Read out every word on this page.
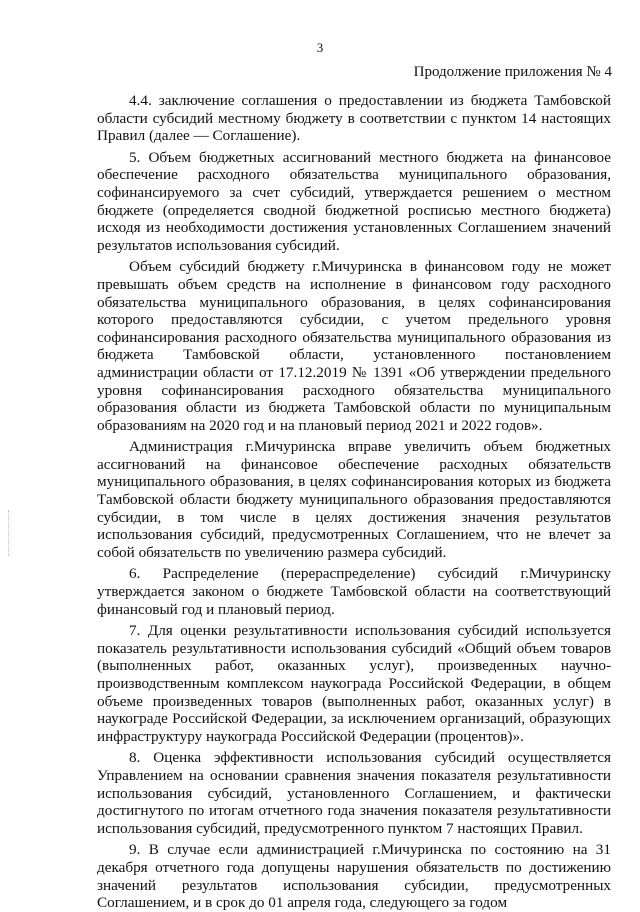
3
Продолжение приложения № 4

4.4. заключение соглашения о предоставлении из бюджета Тамбовской области субсидий местному бюджету в соответствии с пунктом 14 настоящих Правил (далее — Соглашение).

5. Объем бюджетных ассигнований местного бюджета на финансовое обеспечение расходного обязательства муниципального образования, софинансируемого за счет субсидий, утверждается решением о местном бюджете (определяется сводной бюджетной росписью местного бюджета) исходя из необходимости достижения установленных Соглашением значений результатов использования субсидий.

Объем субсидий бюджету г.Мичуринска в финансовом году не может превышать объем средств на исполнение в финансовом году расходного обязательства муниципального образования, в целях софинансирования которого предоставляются субсидии, с учетом предельного уровня софинансирования расходного обязательства муниципального образования из бюджета Тамбовской области, установленного постановлением администрации области от 17.12.2019 № 1391 «Об утверждении предельного уровня софинансирования расходного обязательства муниципального образования области из бюджета Тамбовской области по муниципальным образованиям на 2020 год и на плановый период 2021 и 2022 годов».

Администрация г.Мичуринска вправе увеличить объем бюджетных ассигнований на финансовое обеспечение расходных обязательств муниципального образования, в целях софинансирования которых из бюджета Тамбовской области бюджету муниципального образования предоставляются субсидии, в том числе в целях достижения значения результатов использования субсидий, предусмотренных Соглашением, что не влечет за собой обязательств по увеличению размера субсидий.

6. Распределение (перераспределение) субсидий г.Мичуринску утверждается законом о бюджете Тамбовской области на соответствующий финансовый год и плановый период.

7. Для оценки результативности использования субсидий используется показатель результативности использования субсидий «Общий объем товаров (выполненных работ, оказанных услуг), произведенных научно-производственным комплексом наукограда Российской Федерации, в общем объеме произведенных товаров (выполненных работ, оказанных услуг) в наукограде Российской Федерации, за исключением организаций, образующих инфраструктуру наукограда Российской Федерации (процентов)».

8. Оценка эффективности использования субсидий осуществляется Управлением на основании сравнения значения показателя результативности использования субсидий, установленного Соглашением, и фактически достигнутого по итогам отчетного года значения показателя результативности использования субсидий, предусмотренного пунктом 7 настоящих Правил.

9. В случае если администрацией г.Мичуринска по состоянию на 31 декабря отчетного года допущены нарушения обязательств по достижению значений результатов использования субсидии, предусмотренных Соглашением, и в срок до 01 апреля года, следующего за годом
